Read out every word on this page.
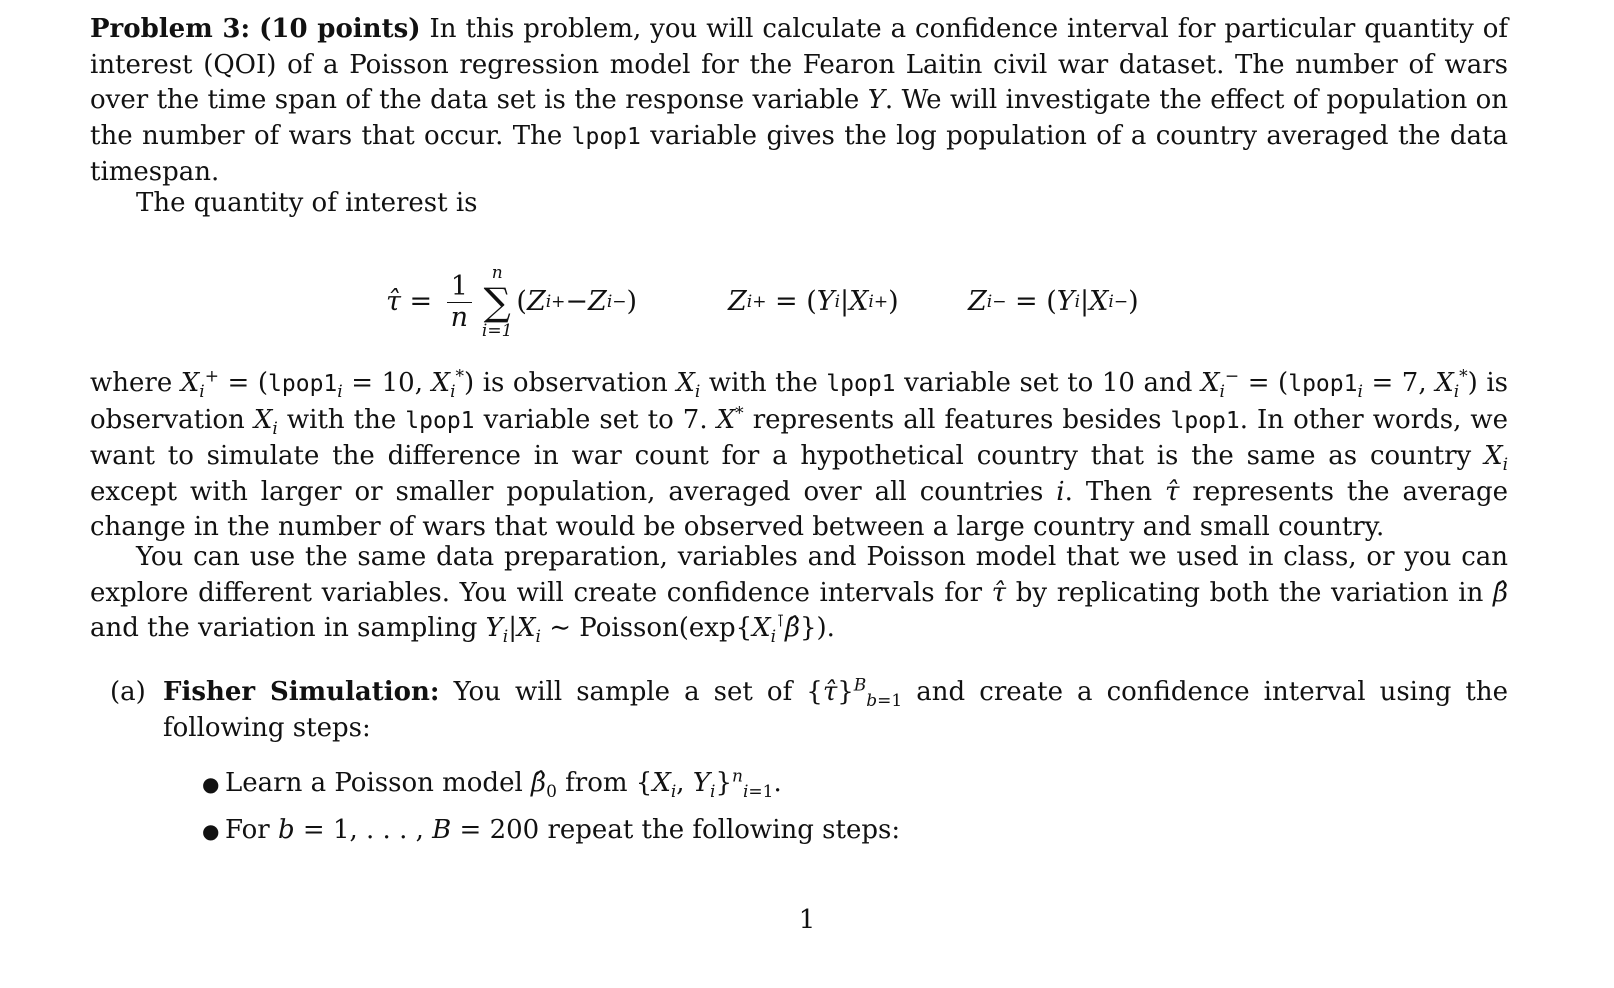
Problem 3: (10 points) In this problem, you will calculate a confidence interval for particular quantity of interest (QOI) of a Poisson regression model for the Fearon Laitin civil war dataset. The number of wars over the time span of the data set is the response variable Y. We will investigate the effect of population on the number of wars that occur. The lpop1 variable gives the log population of a country averaged the data timespan.

The quantity of interest is

τ̂ = $\frac{1}{n}$ n
∑
i=1
( Z i + − Z i − )	Z i + = ( Y i | X i + )	Z i − = ( Y i | X i − )

where $X_i^+$ = ($lpop1_i = 10$, $X_i^*$) is observation $X_i$ with the lpop1 variable set to 10 and $X_i^-$ = ($lpop1_i = 7$, $X_i^*$) is observation $X_i$ with the lpop1 variable set to 7. X* represents all features besides lpop1. In other words, we want to simulate the difference in war count for a hypothetical country that is the same as country $X_i$ except with larger or smaller population, averaged over all countries i. Then τ̂ represents the average change in the number of wars that would be observed between a large country and small country.

You can use the same data preparation, variables and Poisson model that we used in class, or you can explore different variables. You will create confidence intervals for τ̂ by replicating both the variation in β̂ and the variation in sampling $Y_i|X_i$ ∼ $Poisson(\exp\{X_i^⊺\betâ\})$.

(a) Fisher Simulation: You will sample a set of {τ̂}$^B_{b=1}$ and create a confidence interval using the following steps:

● Learn a Poisson model $\betâ_0$ from {$X_i$, $Y_i\}^n_{i=1}$.

● For b = 1, . . . , B = 200 repeat the following steps:

1
